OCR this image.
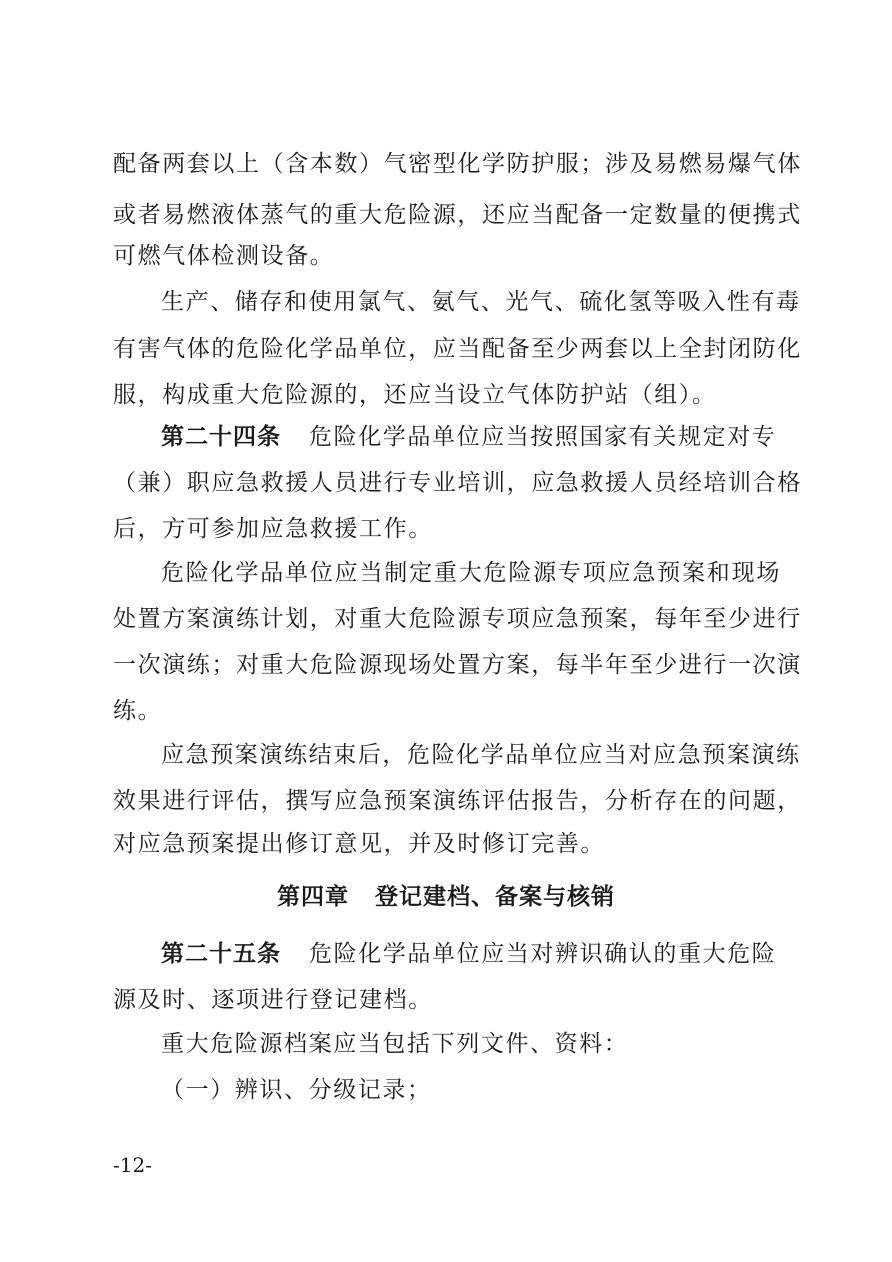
配备两套以上（含本数）气密型化学防护服；涉及易燃易爆气体
或者易燃液体蒸气的重大危险源，还应当配备一定数量的便携式
可燃气体检测设备。
生产、储存和使用氯气、氨气、光气、硫化氢等吸入性有毒
有害气体的危险化学品单位，应当配备至少两套以上全封闭防化
服，构成重大危险源的，还应当设立气体防护站（组）。
第二十四条 危险化学品单位应当按照国家有关规定对专
（兼）职应急救援人员进行专业培训，应急救援人员经培训合格
后，方可参加应急救援工作。
危险化学品单位应当制定重大危险源专项应急预案和现场
处置方案演练计划，对重大危险源专项应急预案，每年至少进行
一次演练；对重大危险源现场处置方案，每半年至少进行一次演
练。
应急预案演练结束后，危险化学品单位应当对应急预案演练
效果进行评估，撰写应急预案演练评估报告，分析存在的问题，
对应急预案提出修订意见，并及时修订完善。
第四章 登记建档、备案与核销
第二十五条 危险化学品单位应当对辨识确认的重大危险
源及时、逐项进行登记建档。
重大危险源档案应当包括下列文件、资料：
（一）辨识、分级记录；
-12-
